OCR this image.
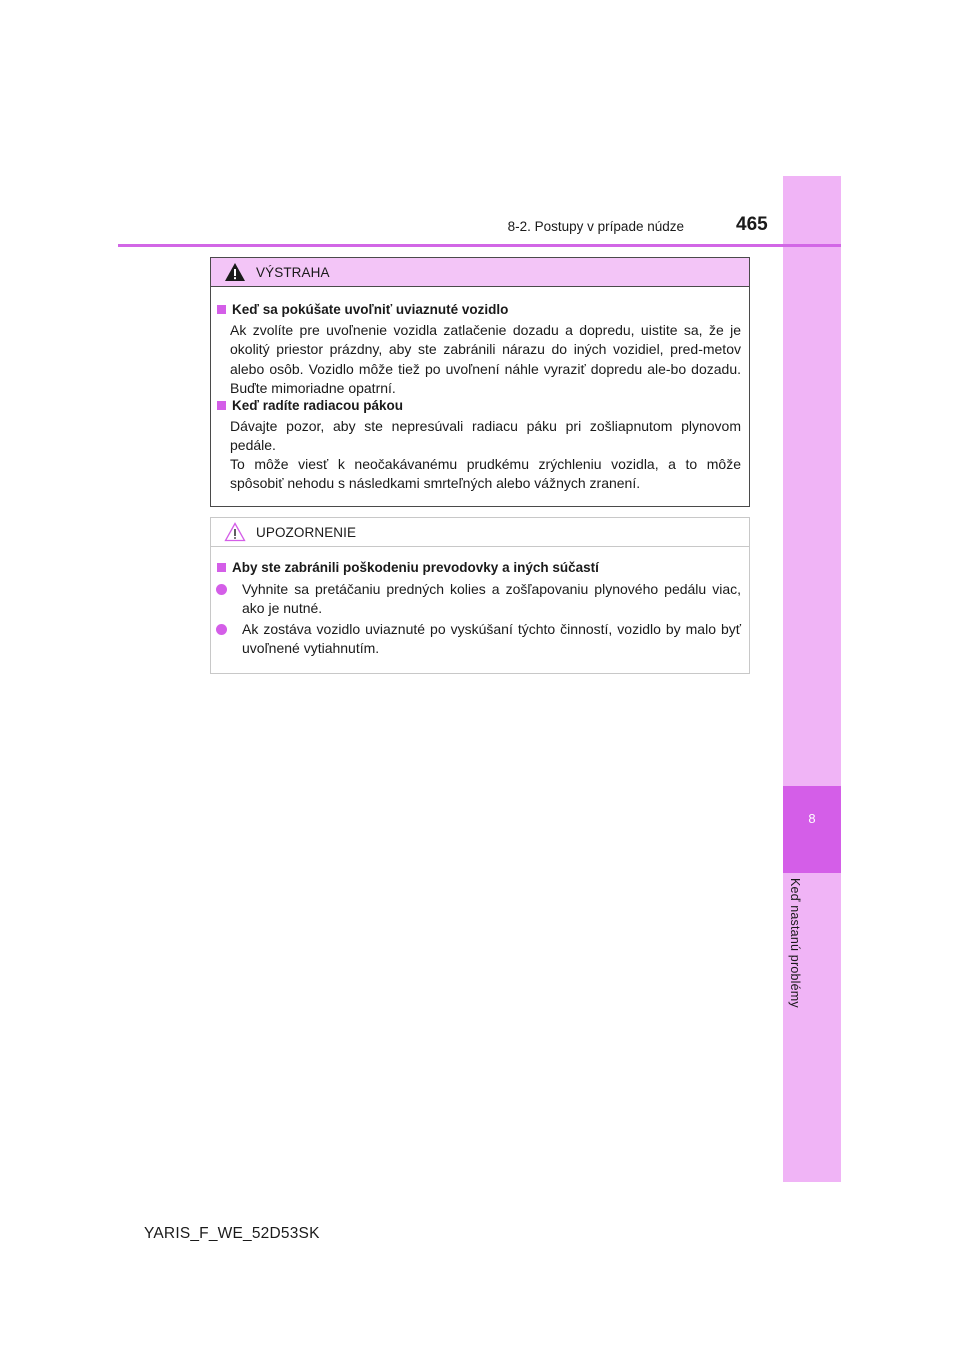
8
Keď nastanú problémy
8-2. Postupy v prípade núdze	465
VÝSTRAHA
Keď sa pokúšate uvoľniť uviaznuté vozidlo
Ak zvolíte pre uvoľnenie vozidla zatlačenie dozadu a dopredu, uistite sa, že je okolitý priestor prázdny, aby ste zabránili nárazu do iných vozidiel, pred-metov alebo osôb. Vozidlo môže tiež po uvoľnení náhle vyraziť dopredu ale-bo dozadu. Buďte mimoriadne opatrní.
Keď radíte radiacou pákou
Dávajte pozor, aby ste nepresúvali radiacu páku pri zošliapnutom plynovom pedále.
To môže viesť k neočakávanému prudkému zrýchleniu vozidla, a to môže spôsobiť nehodu s následkami smrteľných alebo vážnych zranení.
UPOZORNENIE
Aby ste zabránili poškodeniu prevodovky a iných súčastí
Vyhnite sa pretáčaniu predných kolies a zošľapovaniu plynového pedálu viac, ako je nutné.
Ak zostáva vozidlo uviaznuté po vyskúšaní týchto činností, vozidlo by malo byť uvoľnené vytiahnutím.
YARIS_F_WE_52D53SK
